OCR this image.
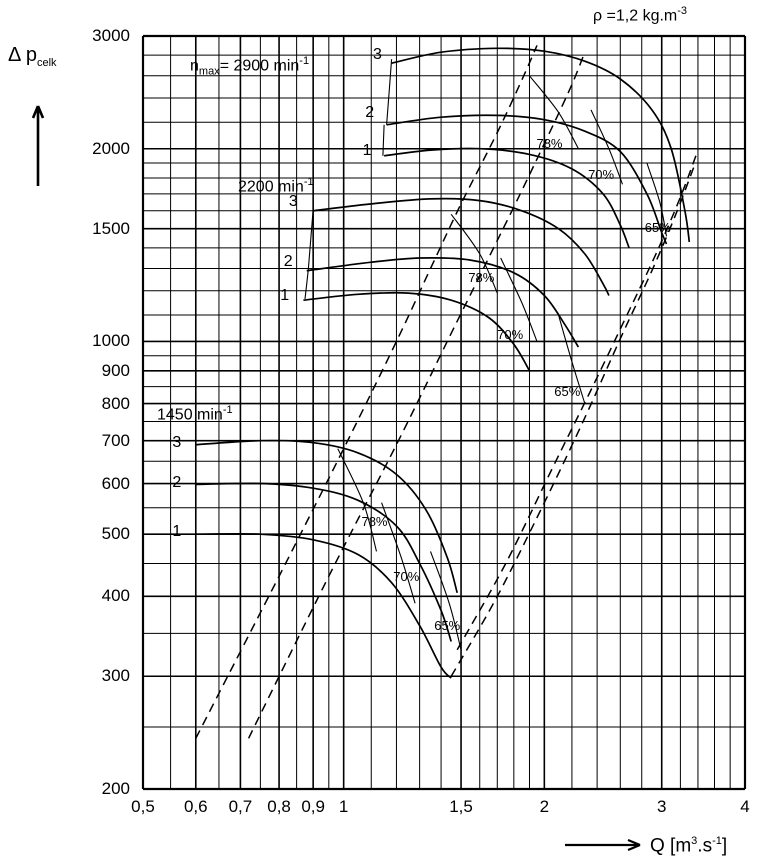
ρ =1,2 $kg.m^{-3}$
Δ $p_{celk}$
Q $[m^3.s^{-1}]$
200
300
400
500
600
700
800
900
1000
1500
2000
3000
0,5 0,6 0,7 0,8 0,9 1	1,5	2	3	4
$n_{max}= 2900$ $\min^{-1}$
2200 $\min^{-1}$
1450 $\min^{-1}$
3
2
1
3
2
1
3
2
1
78%
70%
65%
78%
70%
65%
78%
70%
65%
